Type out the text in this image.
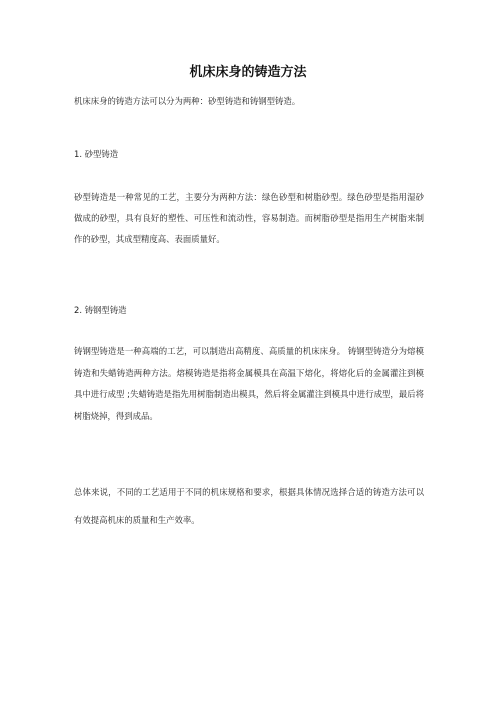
机床床身的铸造方法

机床床身的铸造方法可以分为两种：砂型铸造和铸钢型铸造。

1. 砂型铸造

砂型铸造是一种常见的工艺，主要分为两种方法：绿色砂型和树脂砂型。绿色砂型是指用湿砂做成的砂型，具有良好的塑性、可压性和流动性，容易制造。而树脂砂型是指用生产树脂来制作的砂型，其成型精度高、表面质量好。

2. 铸钢型铸造

铸钢型铸造是一种高端的工艺，可以制造出高精度、高质量的机床床身。 铸钢型铸造分为熔模铸造和失蜡铸造两种方法。熔模铸造是指将金属模具在高温下熔化，将熔化后的金属灌注到模具中进行成型 ;失蜡铸造是指先用树脂制造出模具，然后将金属灌注到模具中进行成型，最后将树脂烧掉，得到成品。

总体来说，不同的工艺适用于不同的机床规格和要求，根据具体情况选择合适的铸造方法可以有效提高机床的质量和生产效率。
